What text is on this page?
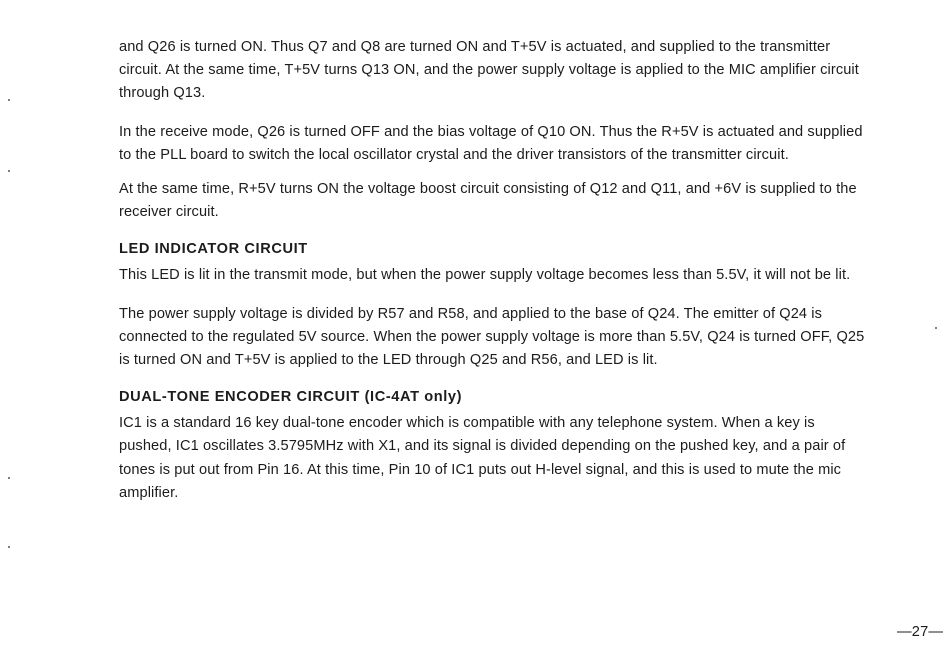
and Q26 is turned ON. Thus Q7 and Q8 are turned ON and T+5V is actuated, and supplied to the transmitter circuit. At the same time, T+5V turns Q13 ON, and the power supply voltage is applied to the MIC amplifier circuit through Q13.

In the receive mode, Q26 is turned OFF and the bias voltage of Q10 ON. Thus the R+5V is actuated and supplied to the PLL board to switch the local oscillator crystal and the driver transistors of the transmitter circuit.

At the same time, R+5V turns ON the voltage boost circuit consisting of Q12 and Q11, and +6V is supplied to the receiver circuit.

LED INDICATOR CIRCUIT

This LED is lit in the transmit mode, but when the power supply voltage becomes less than 5.5V, it will not be lit.

The power supply voltage is divided by R57 and R58, and applied to the base of Q24. The emitter of Q24 is connected to the regulated 5V source. When the power supply voltage is more than 5.5V, Q24 is turned OFF, Q25 is turned ON and T+5V is applied to the LED through Q25 and R56, and LED is lit.

DUAL-TONE ENCODER CIRCUIT (IC-4AT only)

IC1 is a standard 16 key dual-tone encoder which is compatible with any telephone system. When a key is pushed, IC1 oscillates 3.5795MHz with X1, and its signal is divided depending on the pushed key, and a pair of tones is put out from Pin 16. At this time, Pin 10 of IC1 puts out H-level signal, and this is used to mute the mic amplifier.

—27—
